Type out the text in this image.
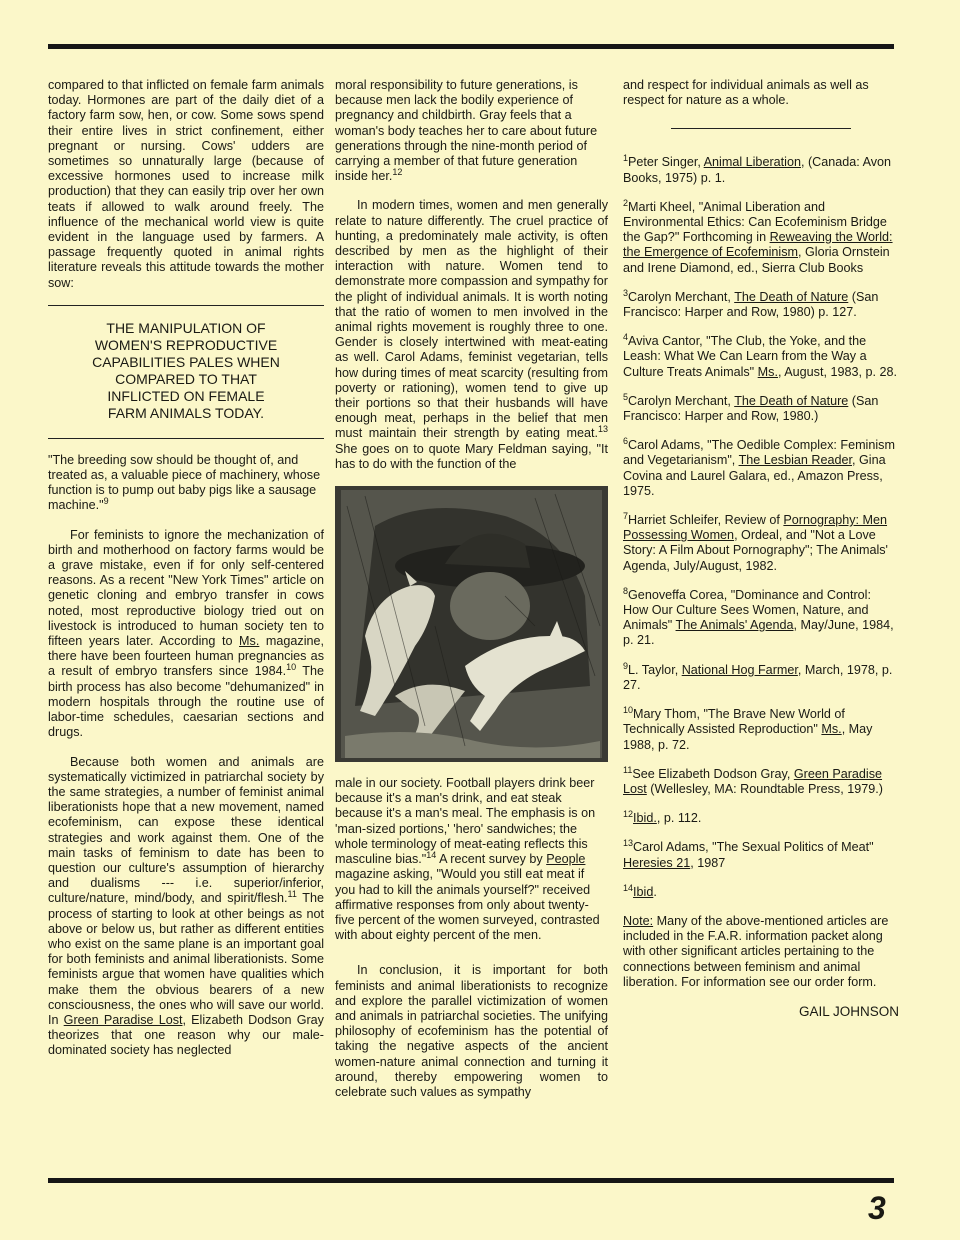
compared to that inflicted on female farm animals today. Hormones are part of the daily diet of a factory farm sow, hen, or cow. Some sows spend their entire lives in strict confinement, either pregnant or nursing. Cows' udders are sometimes so unnaturally large (because of excessive hormones used to increase milk production) that they can easily trip over her own teats if allowed to walk around freely. The influence of the mechanical world view is quite evident in the language used by farmers. A passage frequently quoted in animal rights literature reveals this attitude towards the mother sow:

THE MANIPULATION OF WOMEN'S REPRODUCTIVE CAPABILITIES PALES WHEN COMPARED TO THAT INFLICTED ON FEMALE FARM ANIMALS TODAY.

"The breeding sow should be thought of, and treated as, a valuable piece of machinery, whose function is to pump out baby pigs like a sausage machine."$^9$

For feminists to ignore the mechanization of birth and motherhood on factory farms would be a grave mistake, even if for only self-centered reasons. As a recent "New York Times" article on genetic cloning and embryo transfer in cows noted, most reproductive biology tried out on livestock is introduced to human society ten to fifteen years later. According to Ms. magazine, there have been fourteen human pregnancies as a result of embryo transfers since 1984.10 The birth process has also become "dehumanized" in modern hospitals through the routine use of labor-time schedules, caesarian sections and drugs.

Because both women and animals are systematically victimized in patriarchal society by the same strategies, a number of feminist animal liberationists hope that a new movement, named ecofeminism, can expose these identical strategies and work against them. One of the main tasks of feminism to date has been to question our culture's assumption of hierarchy and dualisms --- i.e. superior/inferior, culture/nature, mind/body, and spirit/flesh.$^{11}$ The process of starting to look at other beings as not above or below us, but rather as different entities who exist on the same plane is an important goal for both feminists and animal liberationists. Some feminists argue that women have qualities which make them the obvious bearers of a new consciousness, the ones who will save our world. In Green Paradise Lost, Elizabeth Dodson Gray theorizes that one reason why our male-dominated society has neglected

moral responsibility to future generations, is because men lack the bodily experience of pregnancy and childbirth. Gray feels that a woman's body teaches her to care about future generations through the nine-month period of carrying a member of that future generation inside her.$^{12}$

In modern times, women and men generally relate to nature differently. The cruel practice of hunting, a predominately male activity, is often described by men as the highlight of their interaction with nature. Women tend to demonstrate more compassion and sympathy for the plight of individual animals. It is worth noting that the ratio of women to men involved in the animal rights movement is roughly three to one. Gender is closely intertwined with meat-eating as well. Carol Adams, feminist vegetarian, tells how during times of meat scarcity (resulting from poverty or rationing), women tend to give up their portions so that their husbands will have enough meat, perhaps in the belief that men must maintain their strength by eating meat.$^{13}$ She goes on to quote Mary Feldman saying, "It has to do with the function of the

male in our society. Football players drink beer because it's a man's drink, and eat steak because it's a man's meal. The emphasis is on 'man-sized portions,' 'hero' sandwiches; the whole terminology of meat-eating reflects this masculine bias."$^{14}$ A recent survey by People magazine asking, "Would you still eat meat if you had to kill the animals yourself?" received affirmative responses from only about twenty-five percent of the women surveyed, contrasted with about eighty percent of the men.

In conclusion, it is important for both feminists and animal liberationists to recognize and explore the parallel victimization of women and animals in patriarchal societies. The unifying philosophy of ecofeminism has the potential of taking the negative aspects of the ancient women-nature animal connection and turning it around, thereby empowering women to celebrate such values as sympathy

and respect for individual animals as well as respect for nature as a whole.

$^1$Peter Singer, Animal Liberation, (Canada: Avon Books, 1975) p. 1.

$^2$Marti Kheel, "Animal Liberation and Environmental Ethics: Can Ecofeminism Bridge the Gap?" Forthcoming in Reweaving the World: the Emergence of Ecofeminism, Gloria Ornstein and Irene Diamond, ed., Sierra Club Books

$^3$Carolyn Merchant, The Death of Nature (San Francisco: Harper and Row, 1980) p. 127.

$^4$Aviva Cantor, "The Club, the Yoke, and the Leash: What We Can Learn from the Way a Culture Treats Animals" Ms., August, 1983, p. 28.

$^5$Carolyn Merchant, The Death of Nature (San Francisco: Harper and Row, 1980.)

$^6$Carol Adams, "The Oedible Complex: Feminism and Vegetarianism", The Lesbian Reader, Gina Covina and Laurel Galara, ed., Amazon Press, 1975.

$^7$Harriet Schleifer, Review of Pornography: Men Possessing Women, Ordeal, and "Not a Love Story: A Film About Pornography"; The Animals' Agenda, July/August, 1982.

$^8$Genoveffa Corea, "Dominance and Control: How Our Culture Sees Women, Nature, and Animals" The Animals' Agenda, May/June, 1984, p. 21.

$^9$L. Taylor, National Hog Farmer, March, 1978, p. 27.

$^{10}$Mary Thom, "The Brave New World of Technically Assisted Reproduction" Ms., May 1988, p. 72.

$^{11}$See Elizabeth Dodson Gray, Green Paradise Lost (Wellesley, MA: Roundtable Press, 1979.)

$^{12}$Ibid., p. 112.

$^{13}$Carol Adams, "The Sexual Politics of Meat" Heresies 21, 1987

$^{14}$Ibid.

Note: Many of the above-mentioned articles are included in the F.A.R. information packet along with other significant articles pertaining to the connections between feminism and animal liberation. For information see our order form.

GAIL JOHNSON
3
